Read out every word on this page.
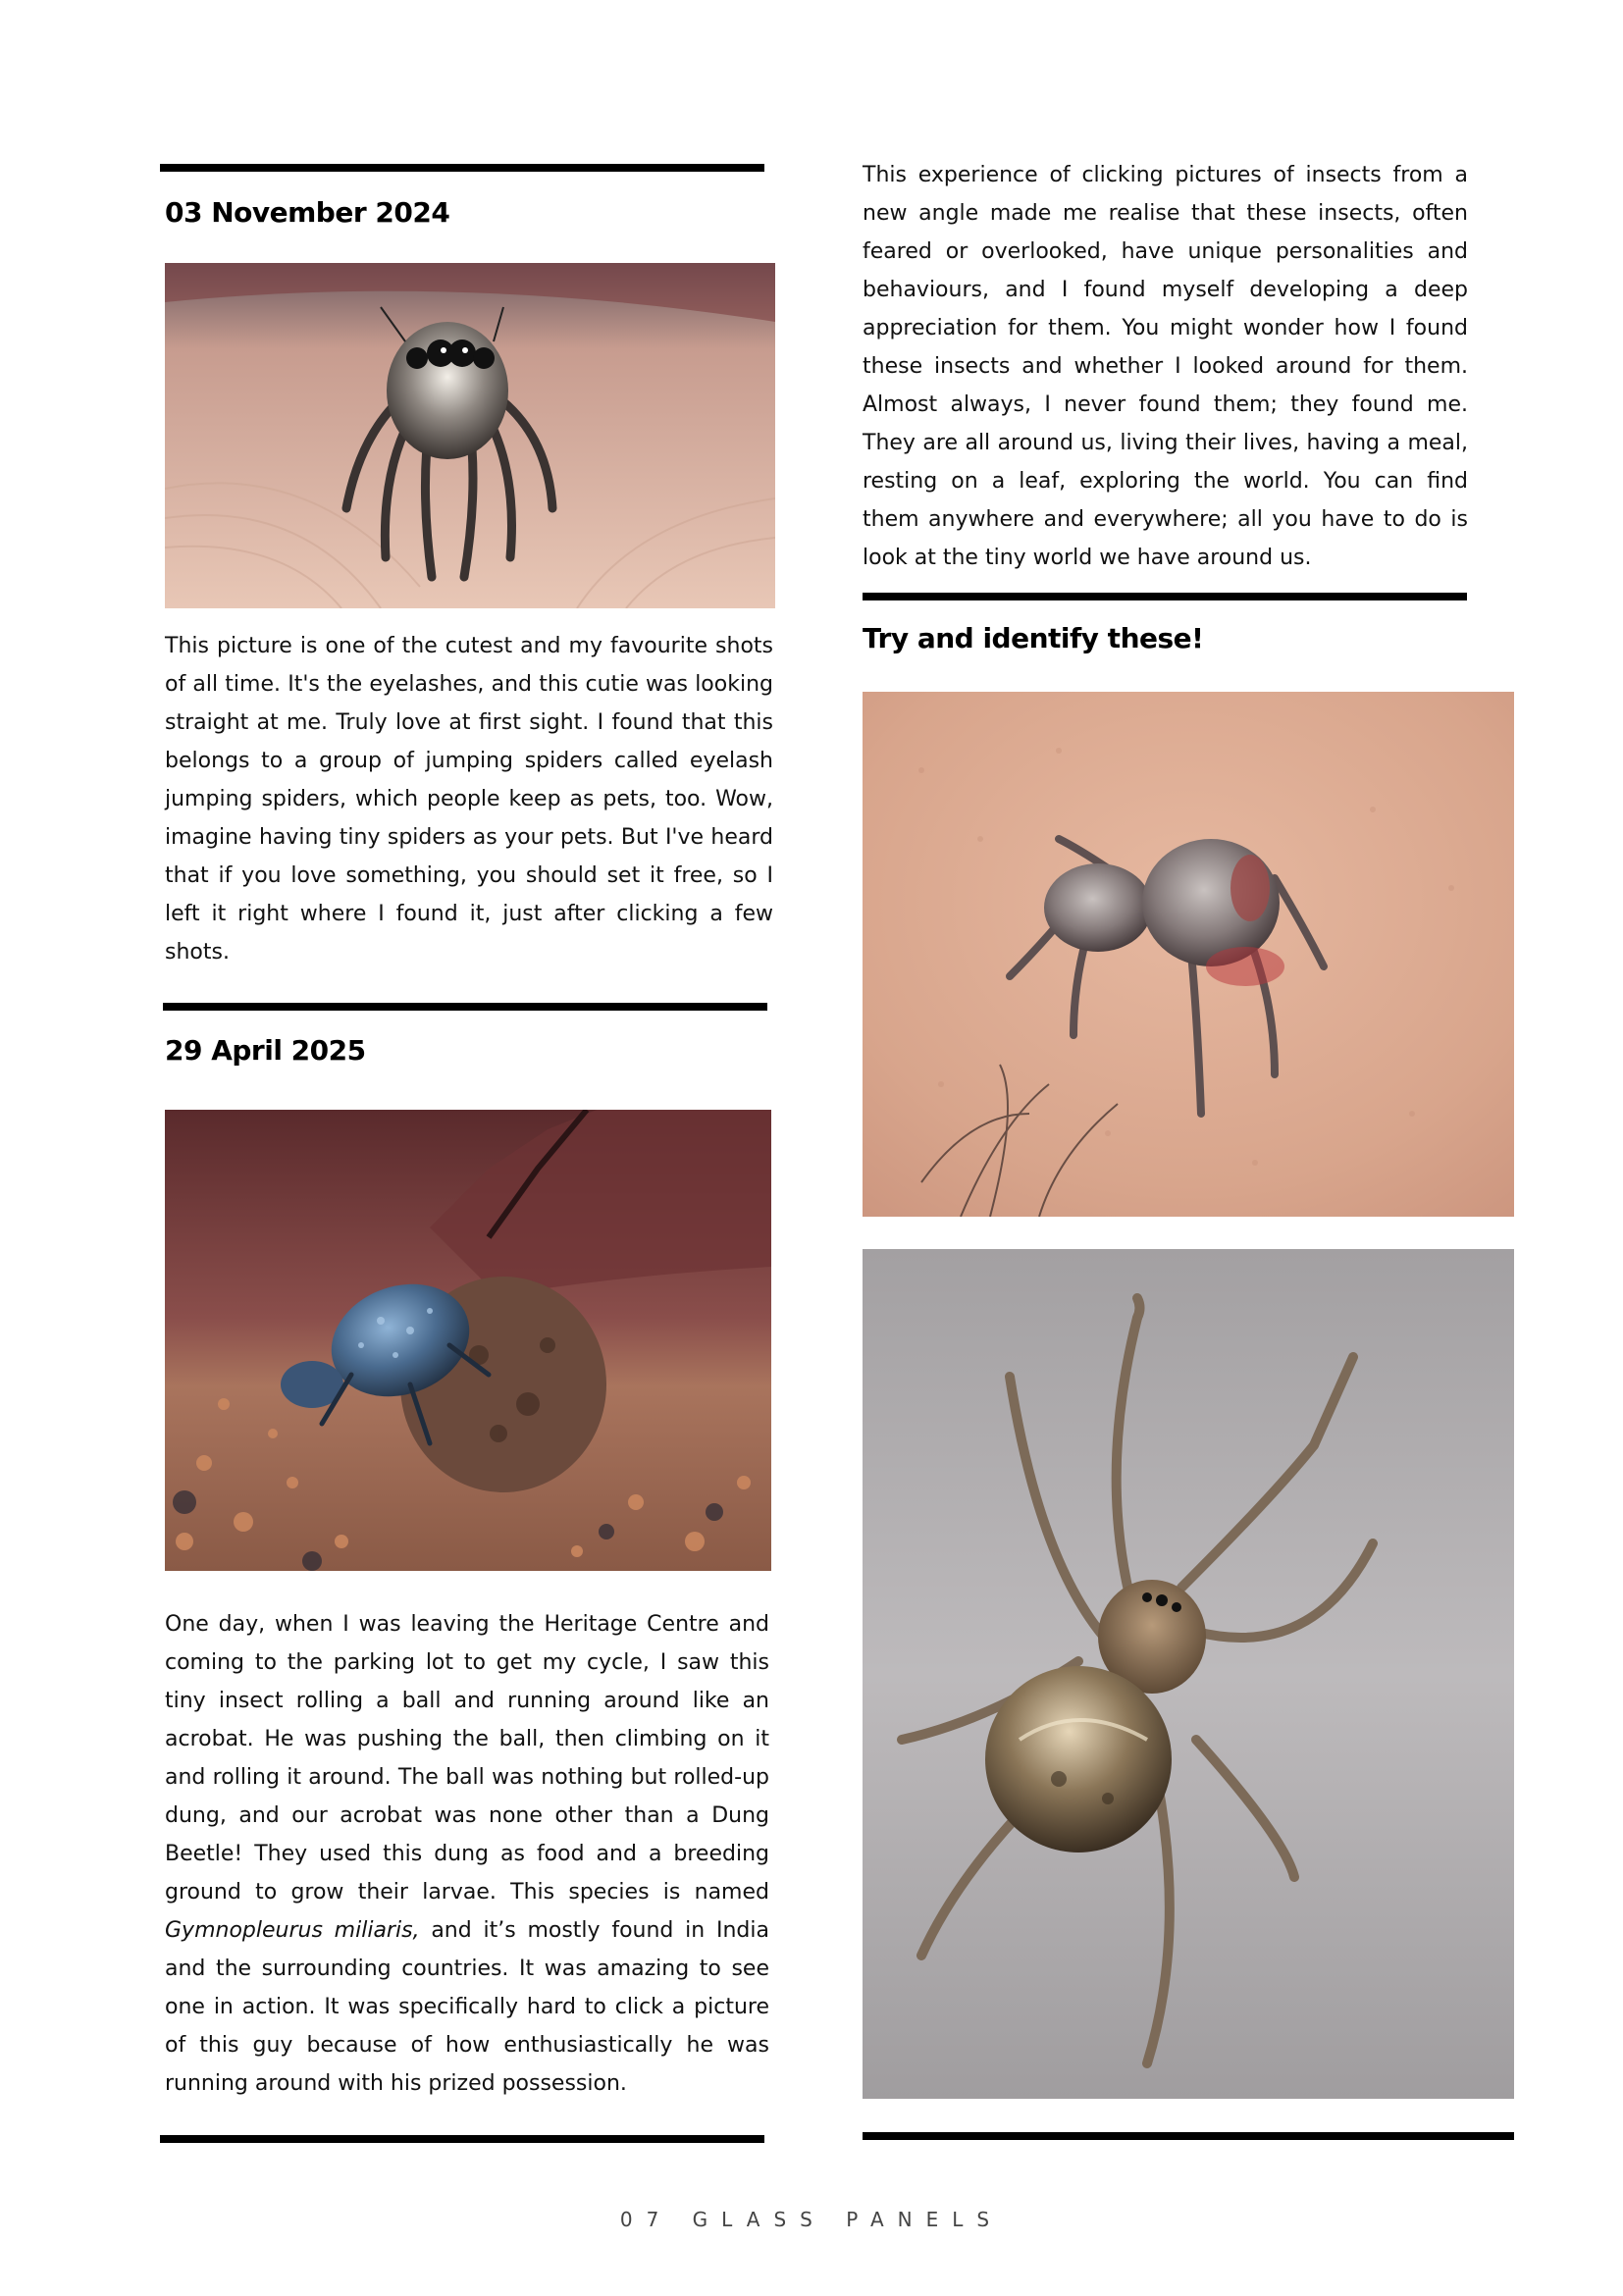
03 November 2024

This picture is one of the cutest and my favourite shots of all time. It's the eyelashes, and this cutie was looking straight at me. Truly love at first sight. I found that this belongs to a group of jumping spiders called eyelash jumping spiders, which people keep as pets, too. Wow, imagine having tiny spiders as your pets. But I've heard that if you love something, you should set it free, so I left it right where I found it, just after clicking a few shots.

29 April 2025

One day, when I was leaving the Heritage Centre and coming to the parking lot to get my cycle, I saw this tiny insect rolling a ball and running around like an acrobat. He was pushing the ball, then climbing on it and rolling it around. The ball was nothing but rolled-up dung, and our acrobat was none other than a Dung Beetle! They used this dung as food and a breeding ground to grow their larvae. This species is named Gymnopleurus miliaris, and it’s mostly found in India and the surrounding countries. It was amazing to see one in action. It was specifically hard to click a picture of this guy because of how enthusiastically he was running around with his prized possession.

This experience of clicking pictures of insects from a new angle made me realise that these insects, often feared or overlooked, have unique personalities and behaviours, and I found myself developing a deep appreciation for them. You might wonder how I found these insects and whether I looked around for them. Almost always, I never found them; they found me. They are all around us, living their lives, having a meal, resting on a leaf, exploring the world. You can find them anywhere and everywhere; all you have to do is look at the tiny world we have around us.

Try and identify these!
07 GLASS PANELS
